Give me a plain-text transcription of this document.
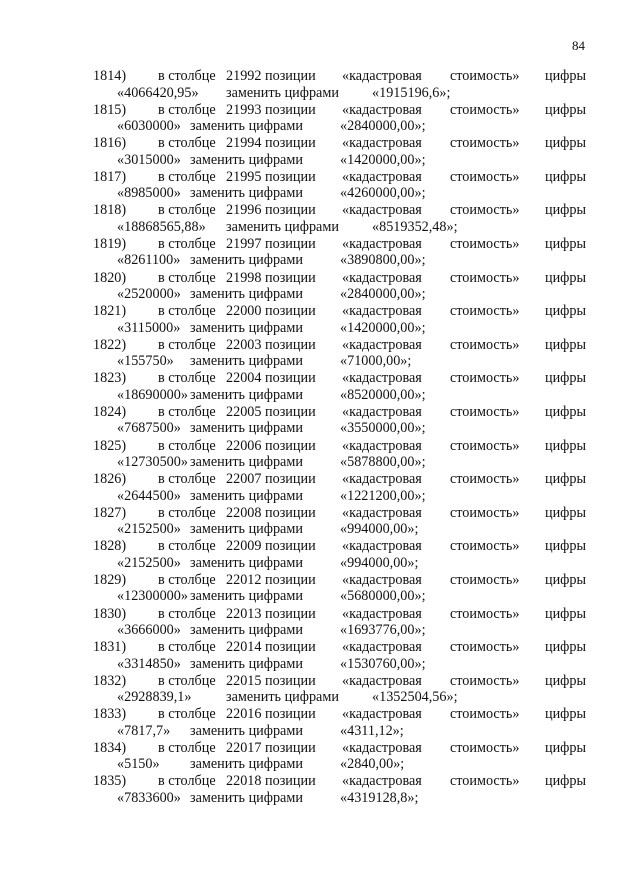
84
1814) в столбце 21992 позиции «кадастровая стоимость» цифры
«4066420,95» заменить цифрами «1915196,6»;
1815) в столбце 21993 позиции «кадастровая стоимость» цифры
«6030000» заменить цифрами	«2840000,00»;
1816) в столбце 21994 позиции «кадастровая стоимость» цифры
«3015000» заменить цифрами	«1420000,00»;
1817) в столбце 21995 позиции «кадастровая стоимость» цифры
«8985000» заменить цифрами	«4260000,00»;
1818) в столбце 21996 позиции «кадастровая стоимость» цифры
«18868565,88» заменить цифрами «8519352,48»;
1819) в столбце 21997 позиции «кадастровая стоимость» цифры
«8261100» заменить цифрами	«3890800,00»;
1820) в столбце 21998 позиции «кадастровая стоимость» цифры
«2520000» заменить цифрами	«2840000,00»;
1821) в столбце 22000 позиции «кадастровая стоимость» цифры
«3115000» заменить цифрами	«1420000,00»;
1822) в столбце 22003 позиции «кадастровая стоимость» цифры
«155750» заменить цифрами	«71000,00»;
1823) в столбце 22004 позиции «кадастровая стоимость» цифры
«18690000» заменить цифрами	«8520000,00»;
1824) в столбце 22005 позиции «кадастровая стоимость» цифры
«7687500» заменить цифрами	«3550000,00»;
1825) в столбце 22006 позиции «кадастровая стоимость» цифры
«12730500» заменить цифрами	«5878800,00»;
1826) в столбце 22007 позиции «кадастровая стоимость» цифры
«2644500» заменить цифрами	«1221200,00»;
1827) в столбце 22008 позиции «кадастровая стоимость» цифры
«2152500» заменить цифрами	«994000,00»;
1828) в столбце 22009 позиции «кадастровая стоимость» цифры
«2152500» заменить цифрами	«994000,00»;
1829) в столбце 22012 позиции «кадастровая стоимость» цифры
«12300000» заменить цифрами	«5680000,00»;
1830) в столбце 22013 позиции «кадастровая стоимость» цифры
«3666000» заменить цифрами	«1693776,00»;
1831) в столбце 22014 позиции «кадастровая стоимость» цифры
«3314850» заменить цифрами	«1530760,00»;
1832) в столбце 22015 позиции «кадастровая стоимость» цифры
«2928839,1» заменить цифрами «1352504,56»;
1833) в столбце 22016 позиции «кадастровая стоимость» цифры
«7817,7» заменить цифрами	«4311,12»;
1834) в столбце 22017 позиции «кадастровая стоимость» цифры
«5150» заменить цифрами	«2840,00»;
1835) в столбце 22018 позиции «кадастровая стоимость» цифры
«7833600» заменить цифрами	«4319128,8»;
